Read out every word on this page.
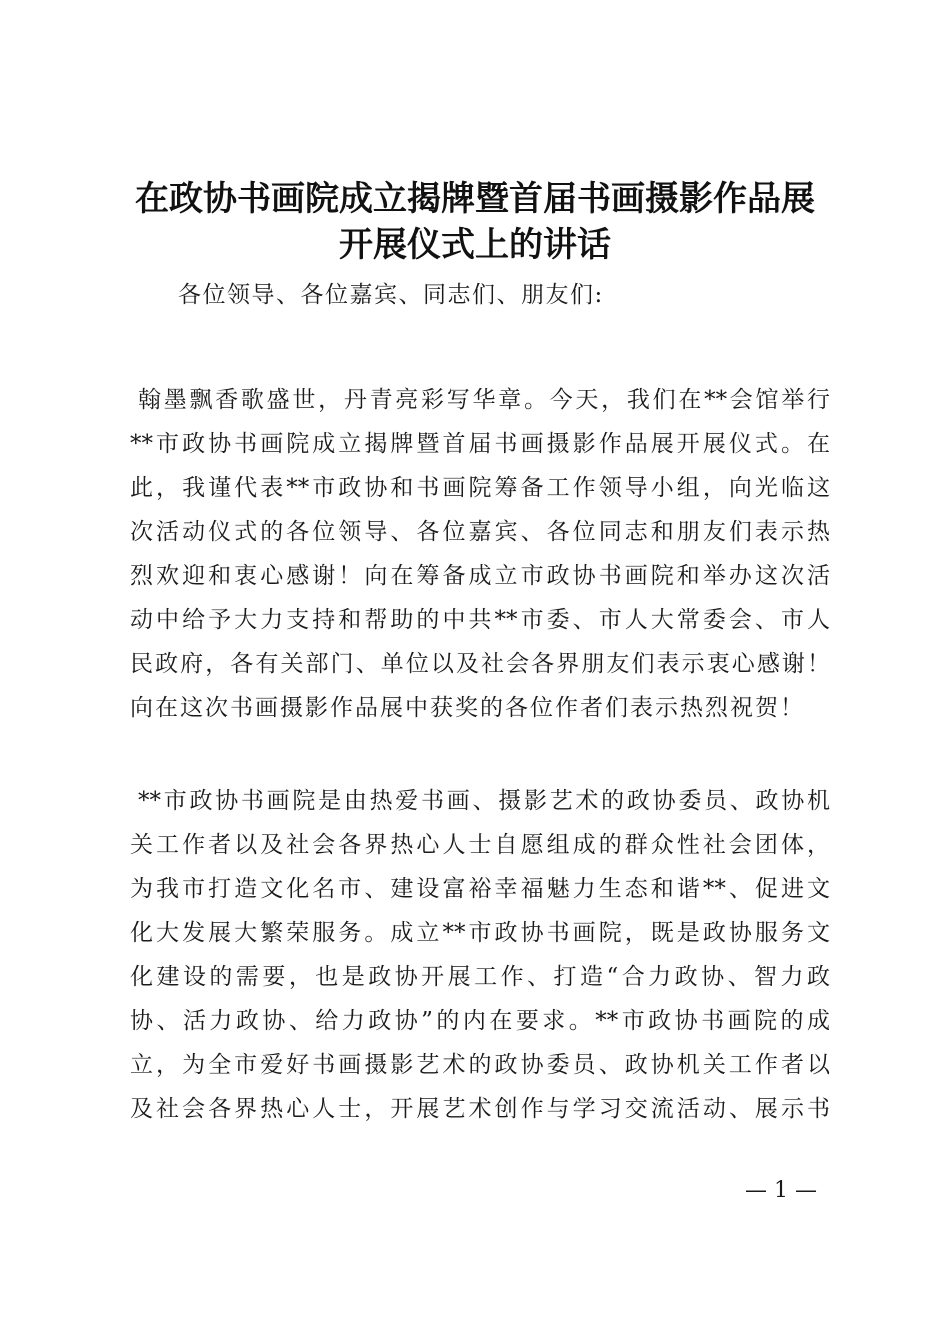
在政协书画院成立揭牌暨首届书画摄影作品展
开展仪式上的讲话
各位领导、各位嘉宾、同志们、朋友们:
翰墨飘香歌盛世，丹青亮彩写华章。今天，我们在**会馆举行
**市政协书画院成立揭牌暨首届书画摄影作品展开展仪式。在
此，我谨代表**市政协和书画院筹备工作领导小组，向光临这
次活动仪式的各位领导、各位嘉宾、各位同志和朋友们表示热
烈欢迎和衷心感谢！向在筹备成立市政协书画院和举办这次活
动中给予大力支持和帮助的中共**市委、市人大常委会、市人
民政府，各有关部门、单位以及社会各界朋友们表示衷心感谢！
向在这次书画摄影作品展中获奖的各位作者们表示热烈祝贺！
**市政协书画院是由热爱书画、摄影艺术的政协委员、政协机
关工作者以及社会各界热心人士自愿组成的群众性社会团体，
为我市打造文化名市、建设富裕幸福魅力生态和谐**、促进文
化大发展大繁荣服务。成立**市政协书画院，既是政协服务文
化建设的需要，也是政协开展工作、打造“合力政协、智力政
协、活力政协、给力政协”的内在要求。**市政协书画院的成
立，为全市爱好书画摄影艺术的政协委员、政协机关工作者以
及社会各界热心人士，开展艺术创作与学习交流活动、展示书
— 1 —
